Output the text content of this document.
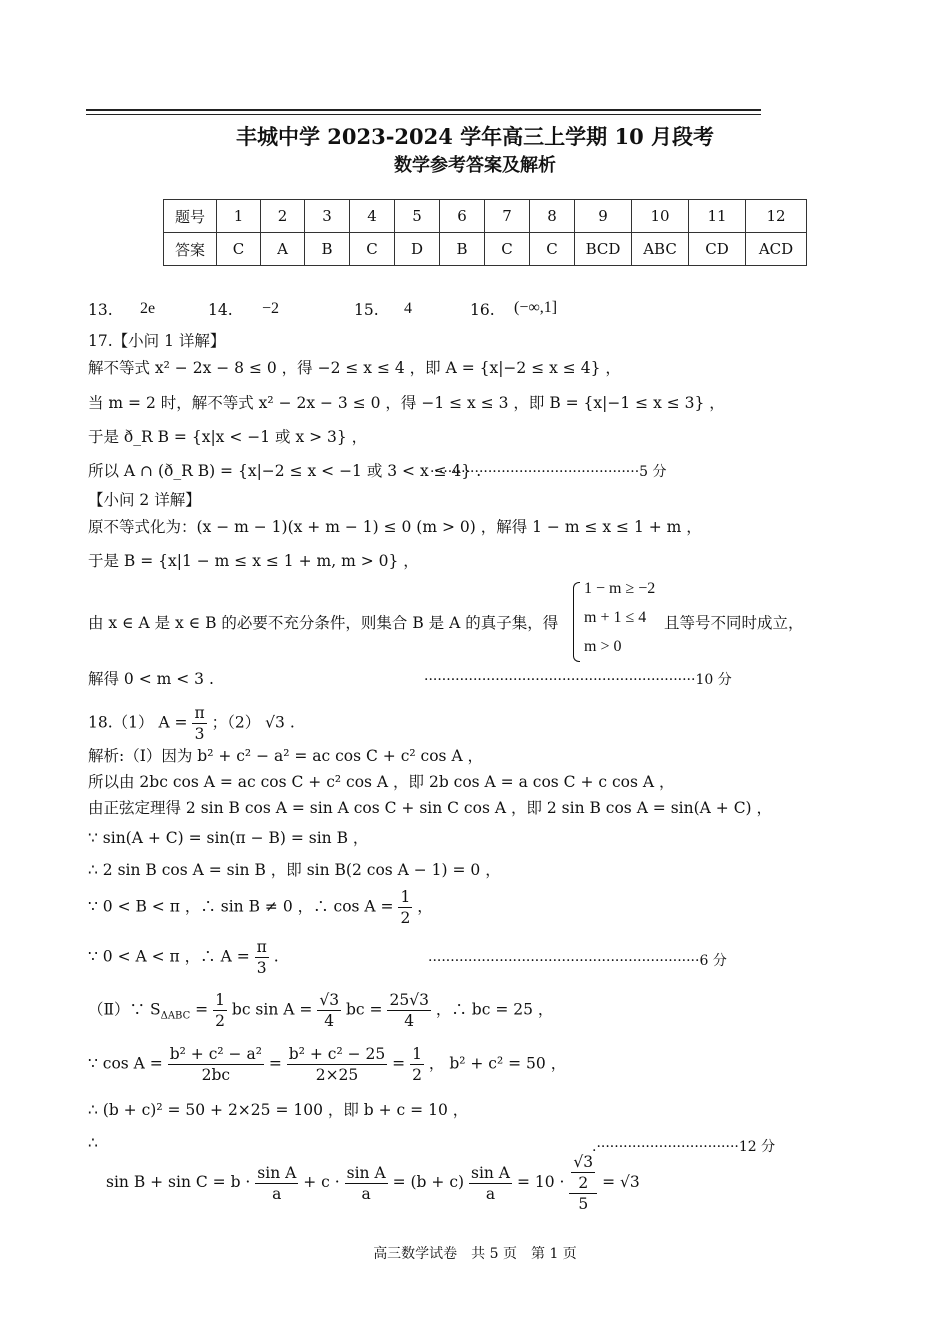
丰城中学 2023-2024 学年高三上学期 10 月段考
数学参考答案及解析
题号	1	2	3	4	5	6	7	8	9	10	11	12
答案	C	A	B	C	D	B	C	C	BCD	ABC	CD	ACD
13. 2e	14. −2	15. 4	16. (−∞,1]
17.【小问 1 详解】
解不等式 x² − 2x − 8 ≤ 0 ，得 −2 ≤ x ≤ 4 ，即 A = {x|−2 ≤ x ≤ 4} ，
当 m = 2 时，解不等式 x² − 2x − 3 ≤ 0 ，得 −1 ≤ x ≤ 3 ，即 B = {x|−1 ≤ x ≤ 3} ，
于是 ð_R B = {x|x < −1 或 x > 3} ，
所以 A ∩ (ð_R B) = {x|−2 ≤ x < −1 或 3 < x ≤ 4} .
···············································5 分
【小问 2 详解】
原不等式化为：(x − m − 1)(x + m − 1) ≤ 0 (m > 0) ，解得 1 − m ≤ x ≤ 1 + m ，
于是 B = {x|1 − m ≤ x ≤ 1 + m, m > 0} ，
由 x ∈ A 是 x ∈ B 的必要不充分条件，则集合 B 是 A 的真子集，得
1 − m ≥ −2
m + 1 ≤ 4
m > 0
且等号不同时成立，
解得 0 < m < 3 .	·····························································10 分
18.（1） $A = \frac{\pi}{3}$ ；（2） √3 .
解析:（Ⅰ）因为 b² + c² − a² = ac cos C + c² cos A ，
所以由 2bc cos A = ac cos C + c² cos A ，即 2b cos A = a cos C + c cos A ，
由正弦定理得 2 sin B cos A = sin A cos C + sin C cos A ，即 2 sin B cos A = sin(A + C) ，
∵ sin(A + C) = sin(π − B) = sin B ，
∴ 2 sin B cos A = sin B ，即 sin B(2 cos A − 1) = 0 ，
∵ 0 < B < π ，∴ sin B ≠ 0 ，∴ $\cos A = \frac{1}{2}$ ，
∵ 0 < A < π ，∴ $A = \frac{\pi}{3}$ .	·····························································6 分
（Ⅱ）∵ $S_{\Delta ABC} = \frac{1}{2}$ bc $\sin A = \frac{√3}{4}$ bc = $\frac{25√3}{4}$ ，∴ bc = 25 ，
∵ $\cos A = \frac{\text{b² + c² − a²}}{2bc} = \frac{\text{b² + c² − 25}}{2\times 25} = \frac{1}{2}$ ， b² + c² = 50 ，
∴ (b + c)² = 50 + 2×25 = 100 ，即 b + c = 10 ，
∴	.································12 分
$\sin B + \sin C = b \cdot \frac{\text{sin A}}{a} + c \cdot \frac{\text{sin A}}{a} = (b + c) \frac{\text{sin A}}{a} = 10 \cdot \frac{\frac{√3}{2}}{5} = √3$
高三数学试卷　共 5 页　第 1 页
